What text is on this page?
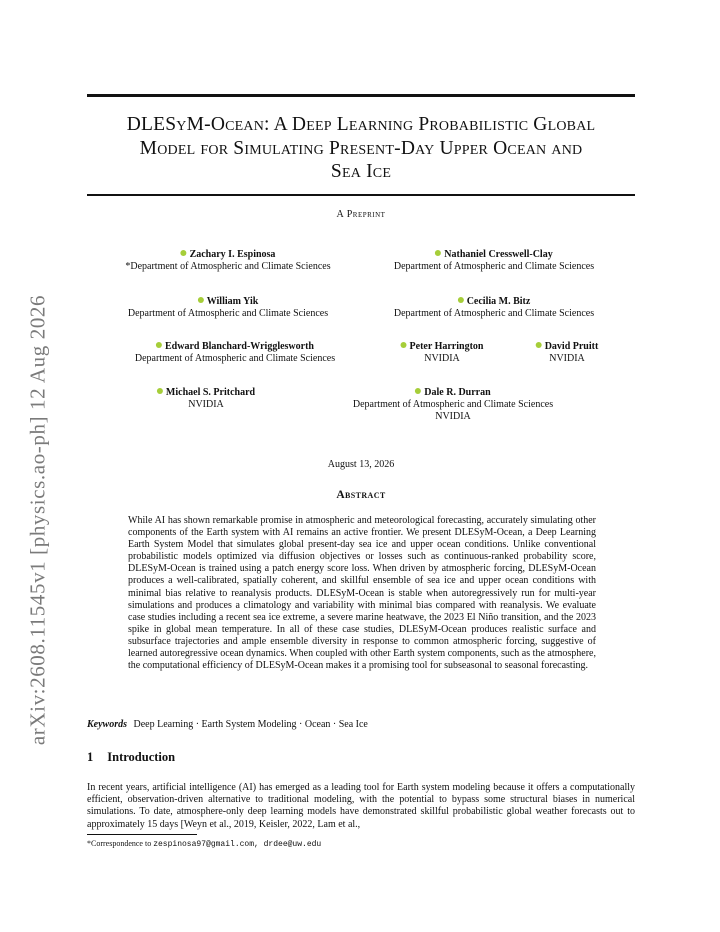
arXiv:2608.11545v1 [physics.ao-ph] 12 Aug 2026
DLESyM-Ocean: A Deep Learning Probabilistic Global
Model for Simulating Present-Day Upper Ocean and
Sea Ice
A Preprint
Zachary I. Espinosa
*Department of Atmospheric and Climate Sciences
Nathaniel Cresswell-Clay
Department of Atmospheric and Climate Sciences
William Yik
Department of Atmospheric and Climate Sciences
Cecilia M. Bitz
Department of Atmospheric and Climate Sciences
Edward Blanchard-Wrigglesworth
Department of Atmospheric and Climate Sciences
Peter Harrington
NVIDIA
David Pruitt
NVIDIA
Michael S. Pritchard
NVIDIA
Dale R. Durran
Department of Atmospheric and Climate Sciences
NVIDIA
August 13, 2026
Abstract
While AI has shown remarkable promise in atmospheric and meteorological forecasting, accurately simulating other components of the Earth system with AI remains an active frontier. We present DLESyM-Ocean, a Deep Learning Earth System Model that simulates global present-day sea ice and upper ocean conditions. Unlike conventional probabilistic models optimized via diffusion objectives or losses such as continuous-ranked probability score, DLESyM-Ocean is trained using a patch energy score loss. When driven by atmospheric forcing, DLESyM-Ocean produces a well-calibrated, spatially coherent, and skillful ensemble of sea ice and upper ocean conditions with minimal bias relative to reanalysis products. DLESyM-Ocean is stable when autoregressively run for multi-year simulations and produces a climatology and variability with minimal bias compared with reanalysis. We evaluate case studies including a recent sea ice extreme, a severe marine heatwave, the 2023 El Niño transition, and the 2023 spike in global mean temperature. In all of these case studies, DLESyM-Ocean produces realistic surface and subsurface trajectories and ample ensemble diversity in response to common atmospheric forcing, suggestive of learned autoregressive ocean dynamics. When coupled with other Earth system components, such as the atmosphere, the computational efficiency of DLESyM-Ocean makes it a promising tool for subseasonal to seasonal forecasting.
Keywords Deep Learning · Earth System Modeling · Ocean · Sea Ice
1 Introduction
In recent years, artificial intelligence (AI) has emerged as a leading tool for Earth system modeling because it offers a computationally efficient, observation-driven alternative to traditional modeling, with the potential to bypass some structural biases in numerical simulations. To date, atmosphere-only deep learning models have demonstrated skillful probabilistic global weather forecasts out to approximately 15 days [Weyn et al., 2019, Keisler, 2022, Lam et al.,
*Correspondence to zespinosa97@gmail.com, drdee@uw.edu
